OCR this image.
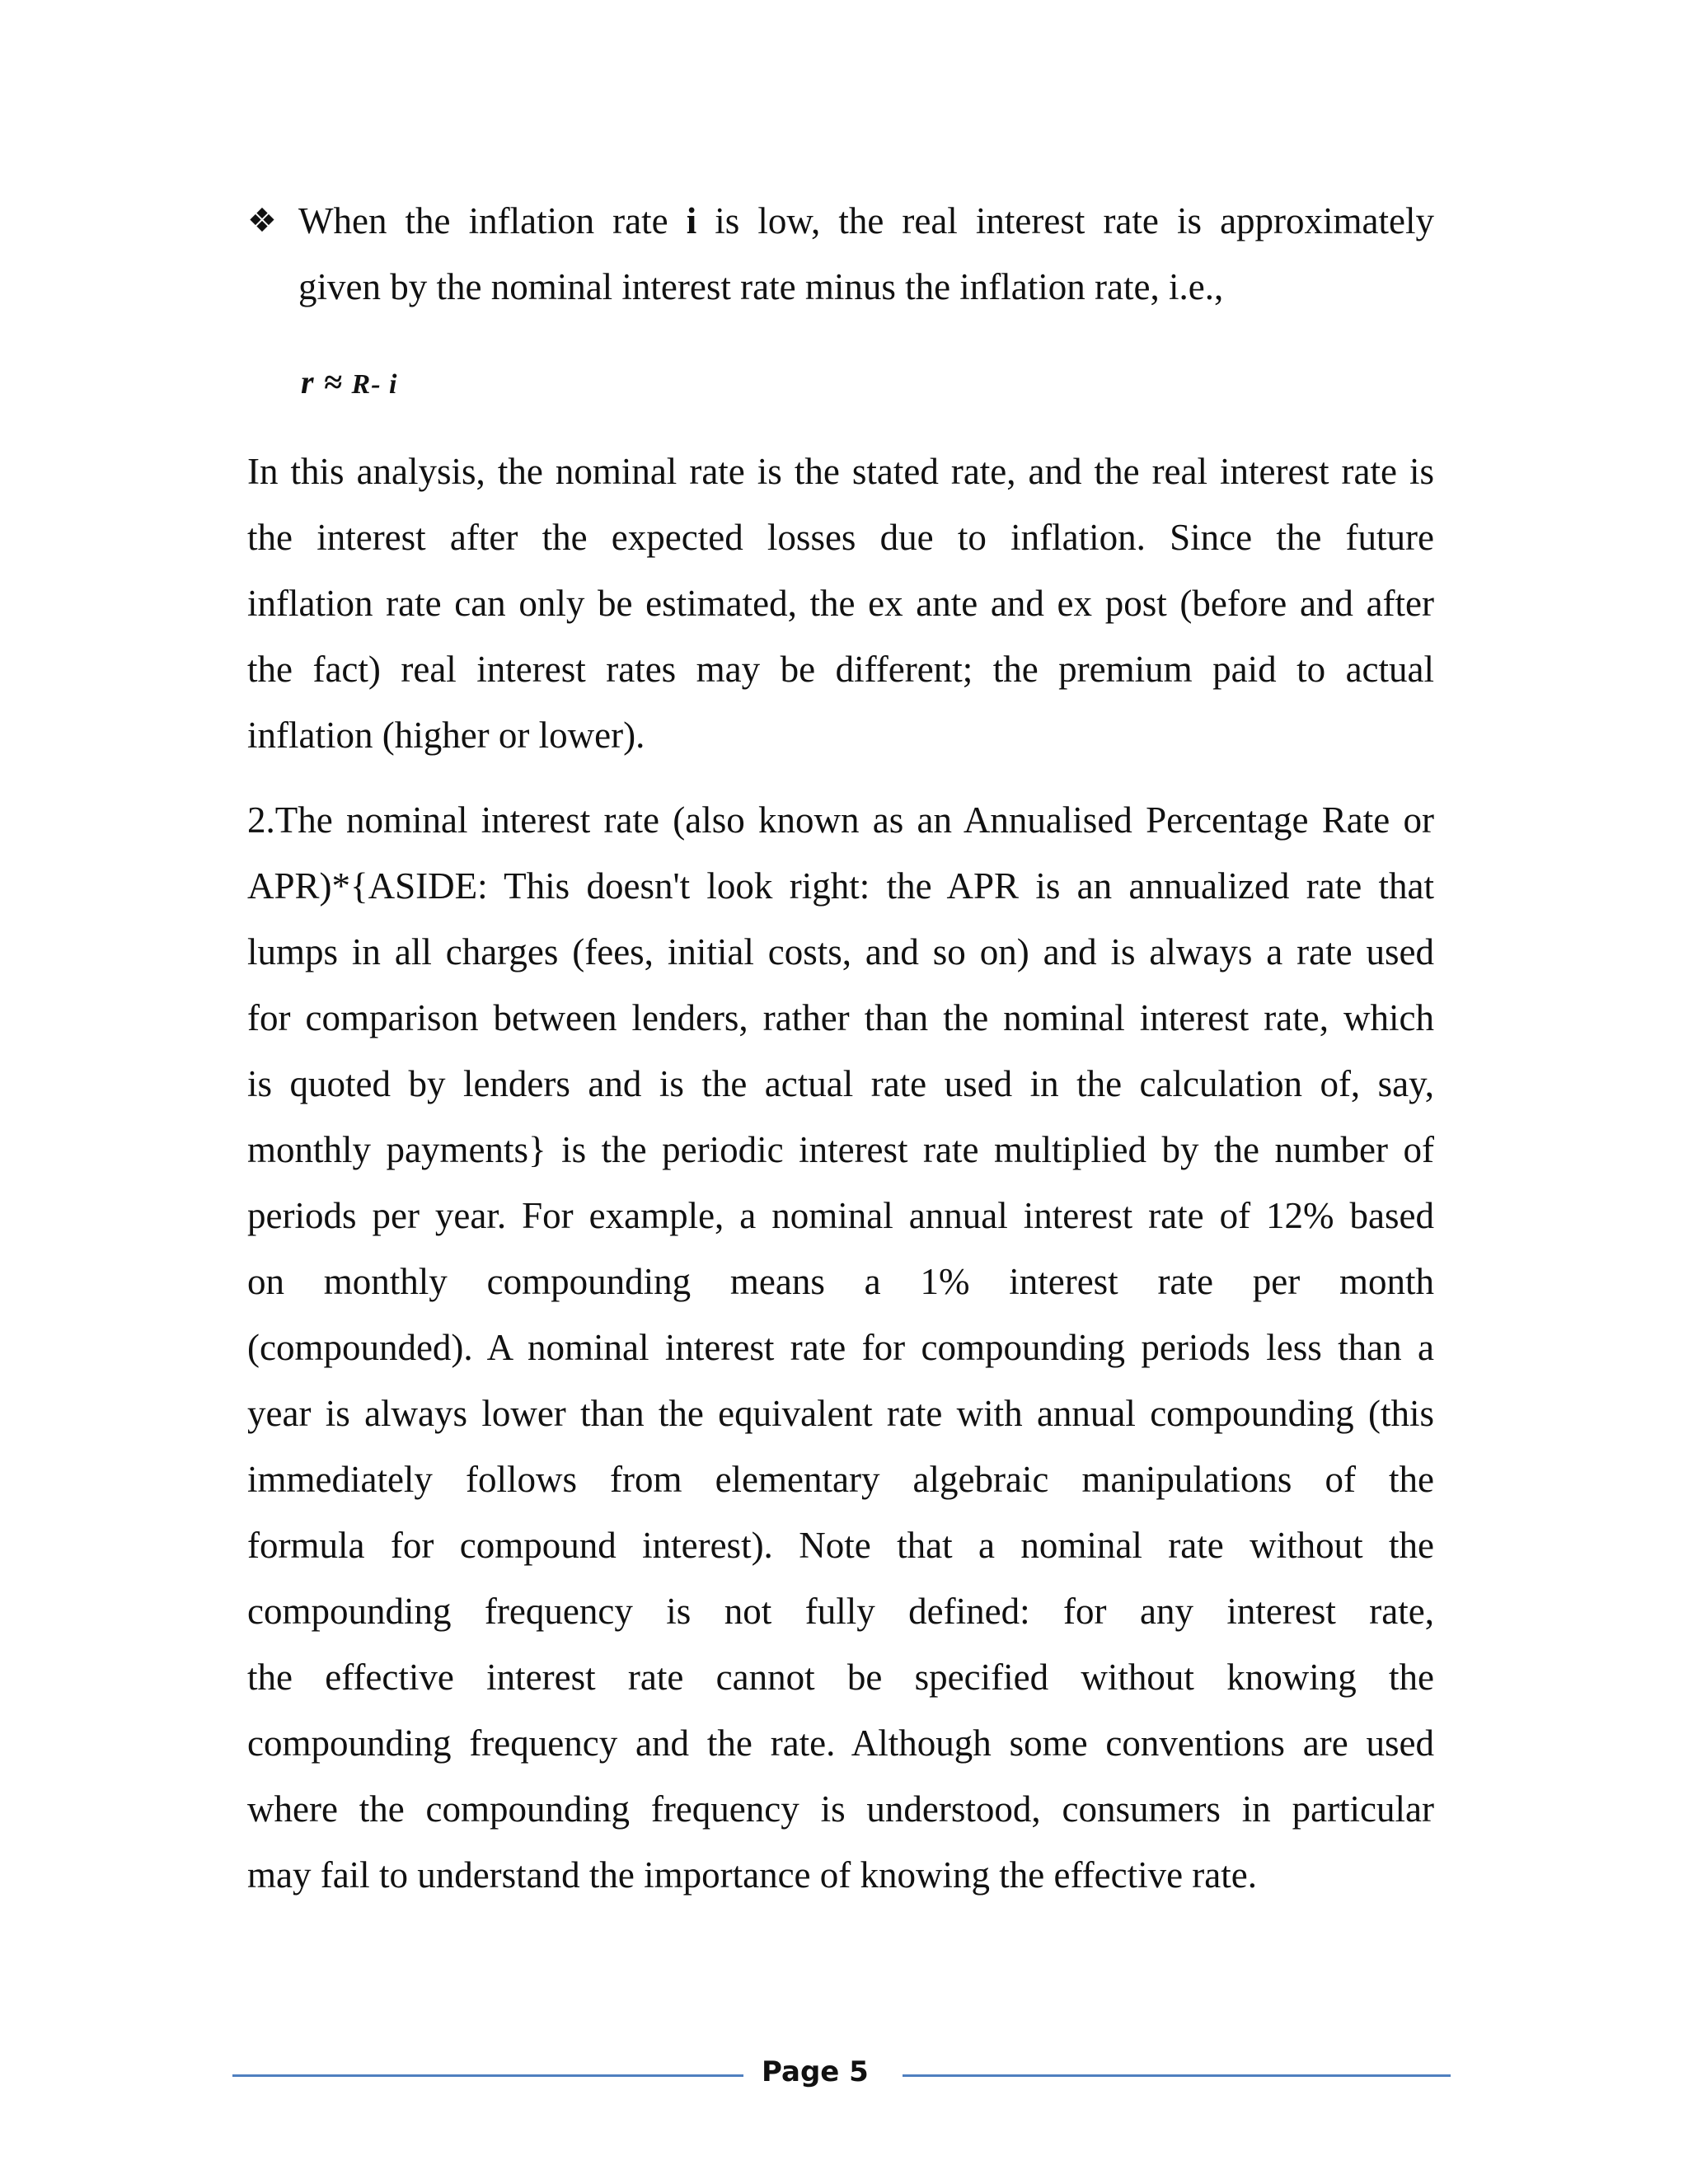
❖ When the inflation rate i is low, the real interest rate is approximately
given by the nominal interest rate minus the inflation rate, i.e.,
r ≈ R- i
In this analysis, the nominal rate is the stated rate, and the real interest rate is
the interest after the expected losses due to inflation. Since the future
inflation rate can only be estimated, the ex ante and ex post (before and after
the fact) real interest rates may be different; the premium paid to actual
inflation (higher or lower).
2.The nominal interest rate (also known as an Annualised Percentage Rate or
APR)*{ASIDE: This doesn't look right: the APR is an annualized rate that
lumps in all charges (fees, initial costs, and so on) and is always a rate used
for comparison between lenders, rather than the nominal interest rate, which
is quoted by lenders and is the actual rate used in the calculation of, say,
monthly payments} is the periodic interest rate multiplied by the number of
periods per year. For example, a nominal annual interest rate of 12% based
on monthly compounding means a 1% interest rate per month
(compounded). A nominal interest rate for compounding periods less than a
year is always lower than the equivalent rate with annual compounding (this
immediately follows from elementary algebraic manipulations of the
formula for compound interest). Note that a nominal rate without the
compounding frequency is not fully defined: for any interest rate,
the effective interest rate cannot be specified without knowing the
compounding frequency and the rate. Although some conventions are used
where the compounding frequency is understood, consumers in particular
may fail to understand the importance of knowing the effective rate.
Page 5
